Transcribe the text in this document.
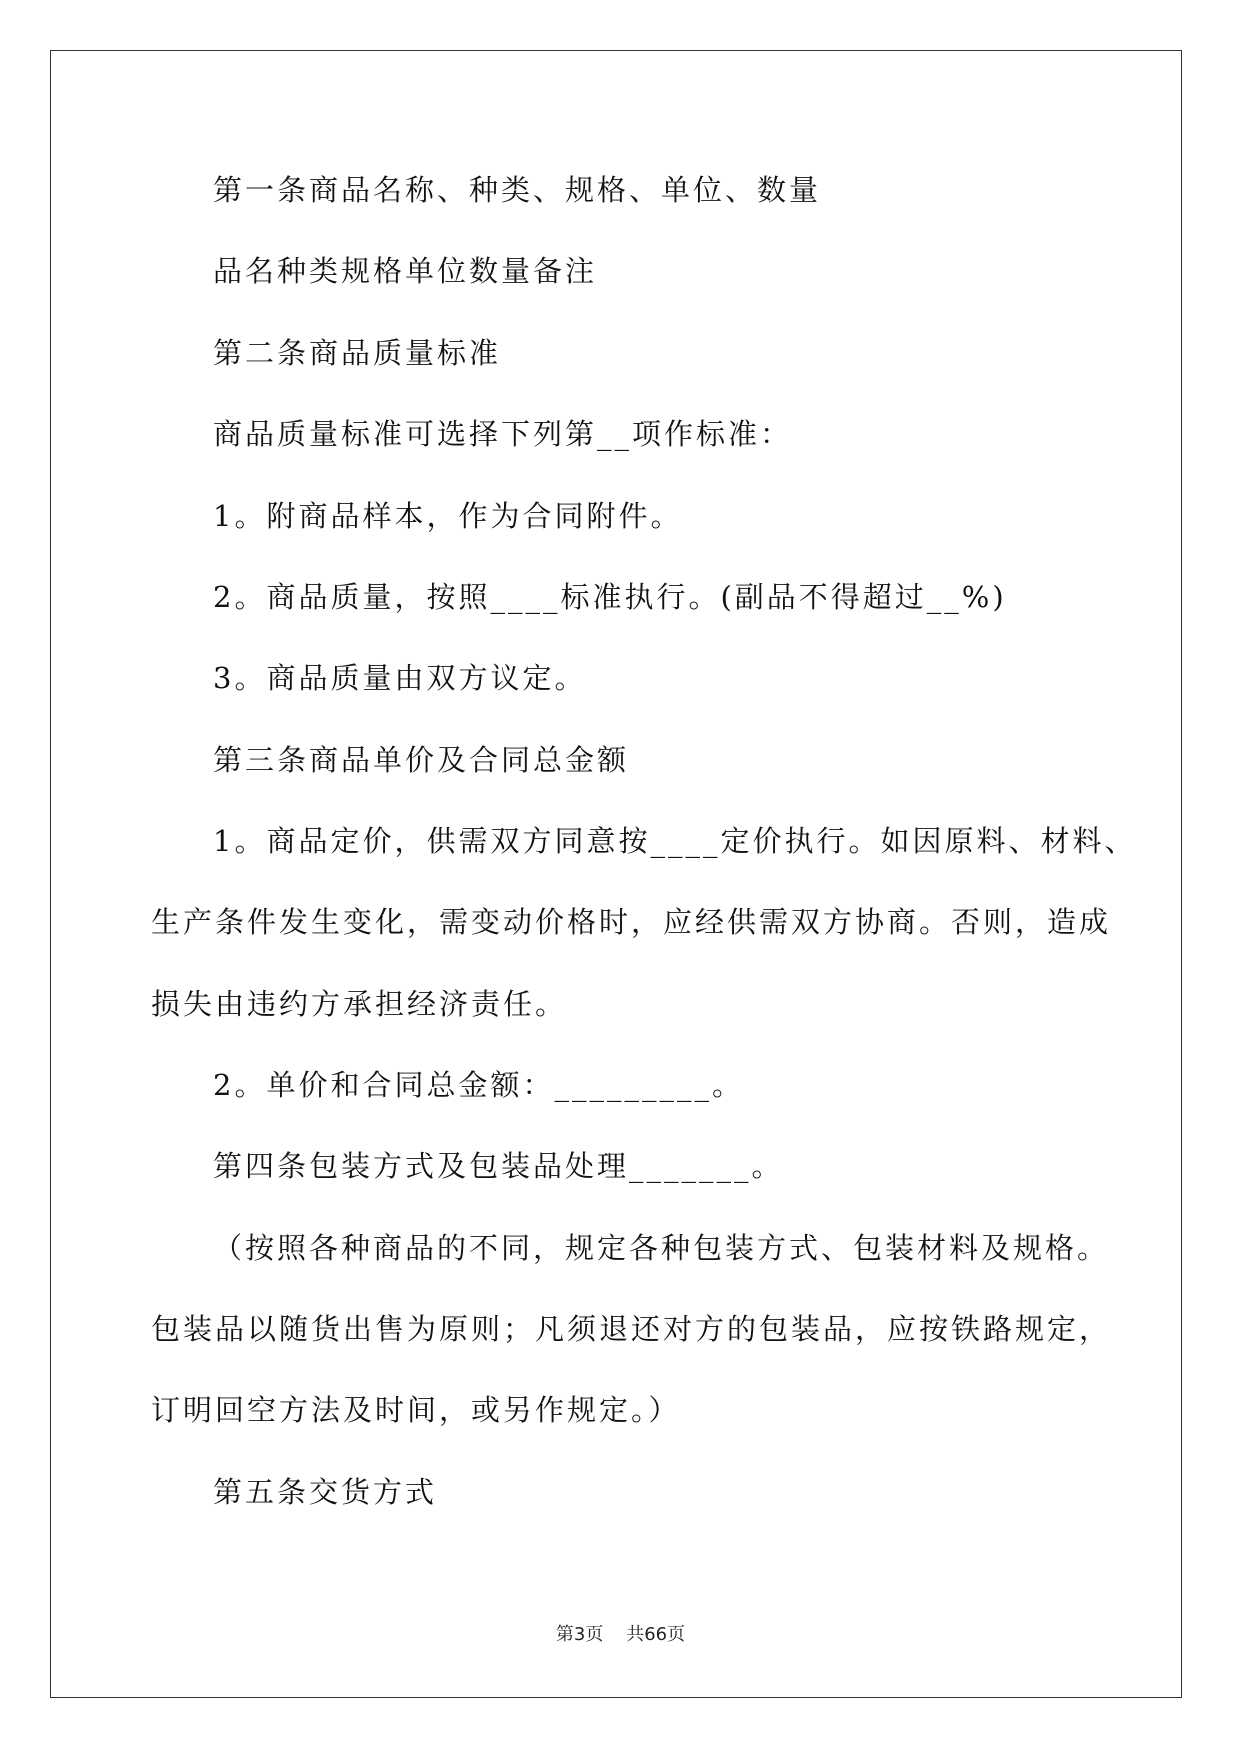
第一条商品名称、种类、规格、单位、数量
品名种类规格单位数量备注
第二条商品质量标准
商品质量标准可选择下列第__项作标准：
1。附商品样本，作为合同附件。
2。商品质量，按照____标准执行。(副品不得超过__%)
3。商品质量由双方议定。
第三条商品单价及合同总金额
1。商品定价，供需双方同意按____定价执行。如因原料、材料、
生产条件发生变化，需变动价格时，应经供需双方协商。否则，造成
损失由违约方承担经济责任。
2。单价和合同总金额：_________。
第四条包装方式及包装品处理_______。
（按照各种商品的不同，规定各种包装方式、包装材料及规格。
包装品以随货出售为原则；凡须退还对方的包装品，应按铁路规定，
订明回空方法及时间，或另作规定。）
第五条交货方式
第3页    共66页
